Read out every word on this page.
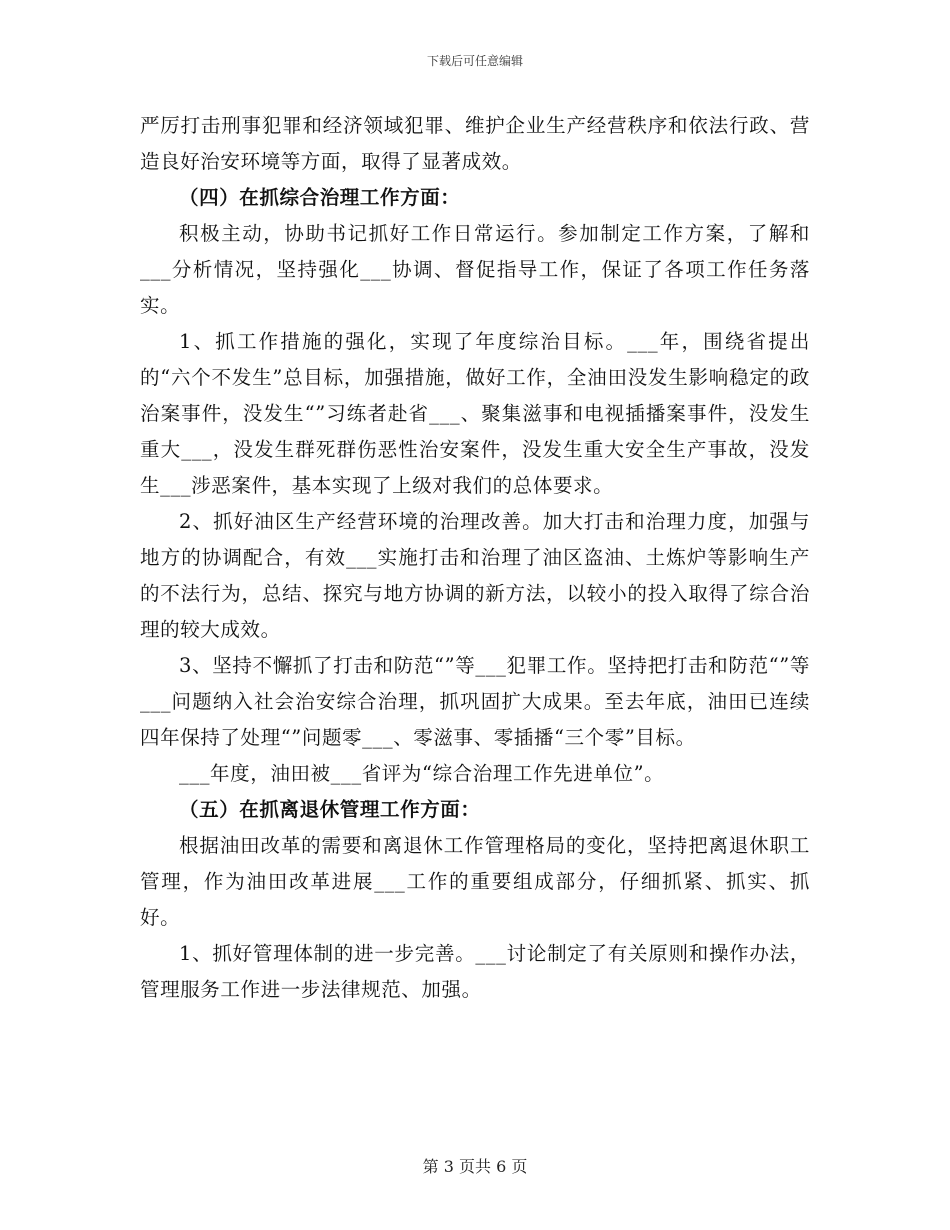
下载后可任意编辑

严厉打击刑事犯罪和经济领域犯罪、维护企业生产经营秩序和依法行政、营造良好治安环境等方面，取得了显著成效。

（四）在抓综合治理工作方面：

积极主动，协助书记抓好工作日常运行。参加制定工作方案，了解和___分析情况，坚持强化___协调、督促指导工作，保证了各项工作任务落实。

1、抓工作措施的强化，实现了年度综治目标。___年，围绕省提出的“六个不发生”总目标，加强措施，做好工作，全油田没发生影响稳定的政治案事件，没发生“”习练者赴省___、聚集滋事和电视插播案事件，没发生重大___，没发生群死群伤恶性治安案件，没发生重大安全生产事故，没发生___涉恶案件，基本实现了上级对我们的总体要求。

2、抓好油区生产经营环境的治理改善。加大打击和治理力度，加强与地方的协调配合，有效___实施打击和治理了油区盗油、土炼炉等影响生产的不法行为，总结、探究与地方协调的新方法，以较小的投入取得了综合治理的较大成效。

3、坚持不懈抓了打击和防范“”等___犯罪工作。坚持把打击和防范“”等___问题纳入社会治安综合治理，抓巩固扩大成果。至去年底，油田已连续四年保持了处理“”问题零___、零滋事、零插播“三个零”目标。

___年度，油田被___省评为“综合治理工作先进单位”。

（五）在抓离退休管理工作方面：

根据油田改革的需要和离退休工作管理格局的变化，坚持把离退休职工管理，作为油田改革进展___工作的重要组成部分，仔细抓紧、抓实、抓好。

1、抓好管理体制的进一步完善。___讨论制定了有关原则和操作办法，管理服务工作进一步法律规范、加强。

第 3 页共 6 页
